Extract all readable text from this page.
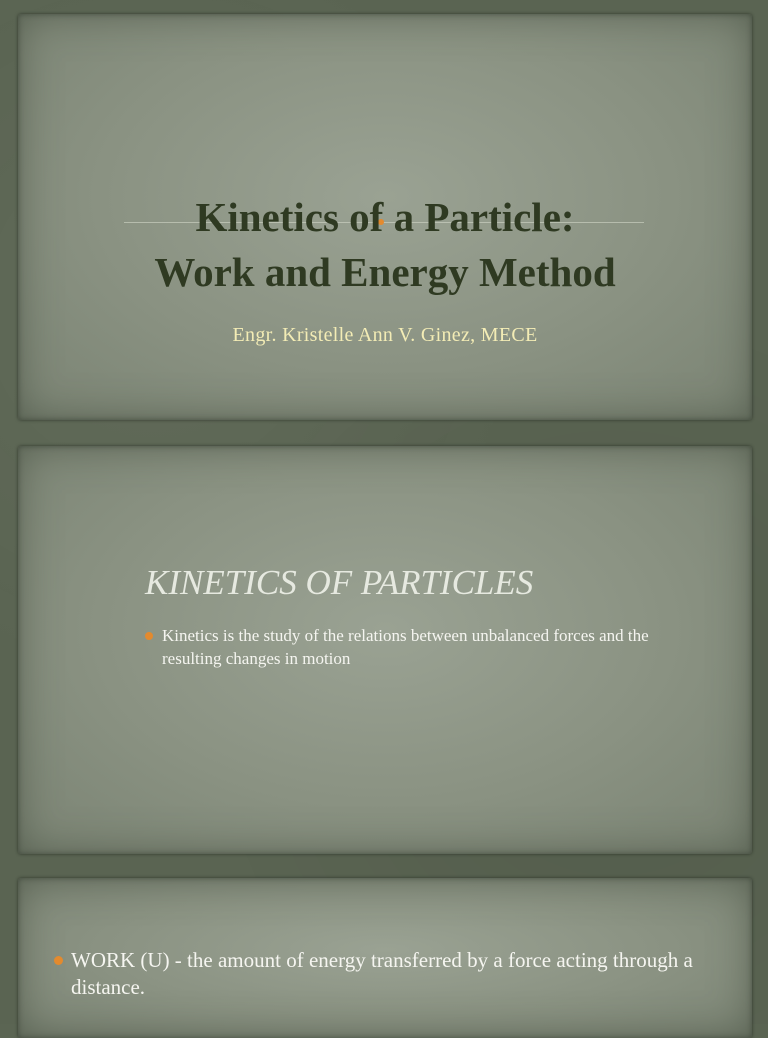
Kinetics of a Particle:
Work and Energy Method
Engr. Kristelle Ann V. Ginez, MECE
KINETICS OF PARTICLES
Kinetics is the study of the relations between unbalanced forces and the resulting changes in motion
WORK (U) - the amount of energy transferred by a force acting through a distance.
